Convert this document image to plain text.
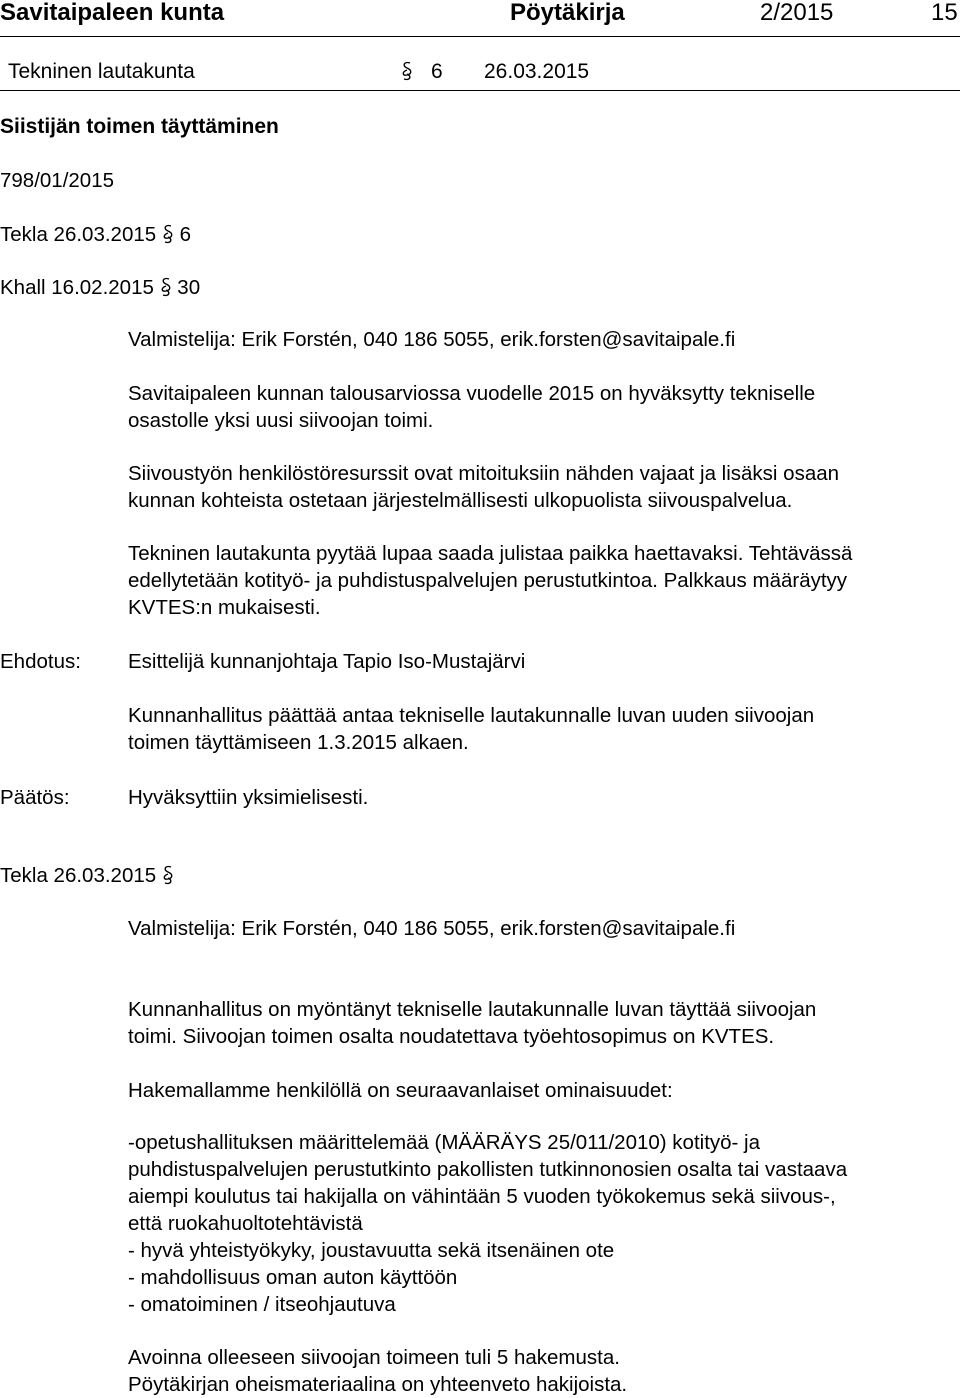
Savitaipaleen kunta	Pöytäkirja	2/2015	15
Tekninen lautakunta	6 26.03.2015
Siistijän toimen täyttäminen
798/01/2015
Tekla 26.03.2015 6
Khall 16.02.2015 30
Valmistelija: Erik Forstén, 040 186 5055, erik.forsten@savitaipale.fi
Savitaipaleen kunnan talousarviossa vuodelle 2015 on hyväksytty tekniselle
osastolle yksi uusi siivoojan toimi.
Siivoustyön henkilöstöresurssit ovat mitoituksiin nähden vajaat ja lisäksi osaan
kunnan kohteista ostetaan järjestelmällisesti ulkopuolista siivouspalvelua.
Tekninen lautakunta pyytää lupaa saada julistaa paikka haettavaksi. Tehtävässä
edellytetään kotityö- ja puhdistuspalvelujen perustutkintoa. Palkkaus määräytyy
KVTES:n mukaisesti.
Ehdotus: Esittelijä kunnanjohtaja Tapio Iso-Mustajärvi
Kunnanhallitus päättää antaa tekniselle lautakunnalle luvan uuden siivoojan
toimen täyttämiseen 1.3.2015 alkaen.
Päätös:	Hyväksyttiin yksimielisesti.
Tekla 26.03.2015
Valmistelija: Erik Forstén, 040 186 5055, erik.forsten@savitaipale.fi
Kunnanhallitus on myöntänyt tekniselle lautakunnalle luvan täyttää siivoojan
toimi. Siivoojan toimen osalta noudatettava työehtosopimus on KVTES.
Hakemallamme henkilöllä on seuraavanlaiset ominaisuudet:
-opetushallituksen määrittelemää (MÄÄRÄYS 25/011/2010) kotityö- ja
puhdistuspalvelujen perustutkinto pakollisten tutkinnonosien osalta tai vastaava
aiempi koulutus tai hakijalla on vähintään 5 vuoden työkokemus sekä siivous-,
että ruokahuoltotehtävistä
- hyvä yhteistyökyky, joustavuutta sekä itsenäinen ote
- mahdollisuus oman auton käyttöön
- omatoiminen / itseohjautuva
Avoinna olleeseen siivoojan toimeen tuli 5 hakemusta.
Pöytäkirjan oheismateriaalina on yhteenveto hakijoista.
